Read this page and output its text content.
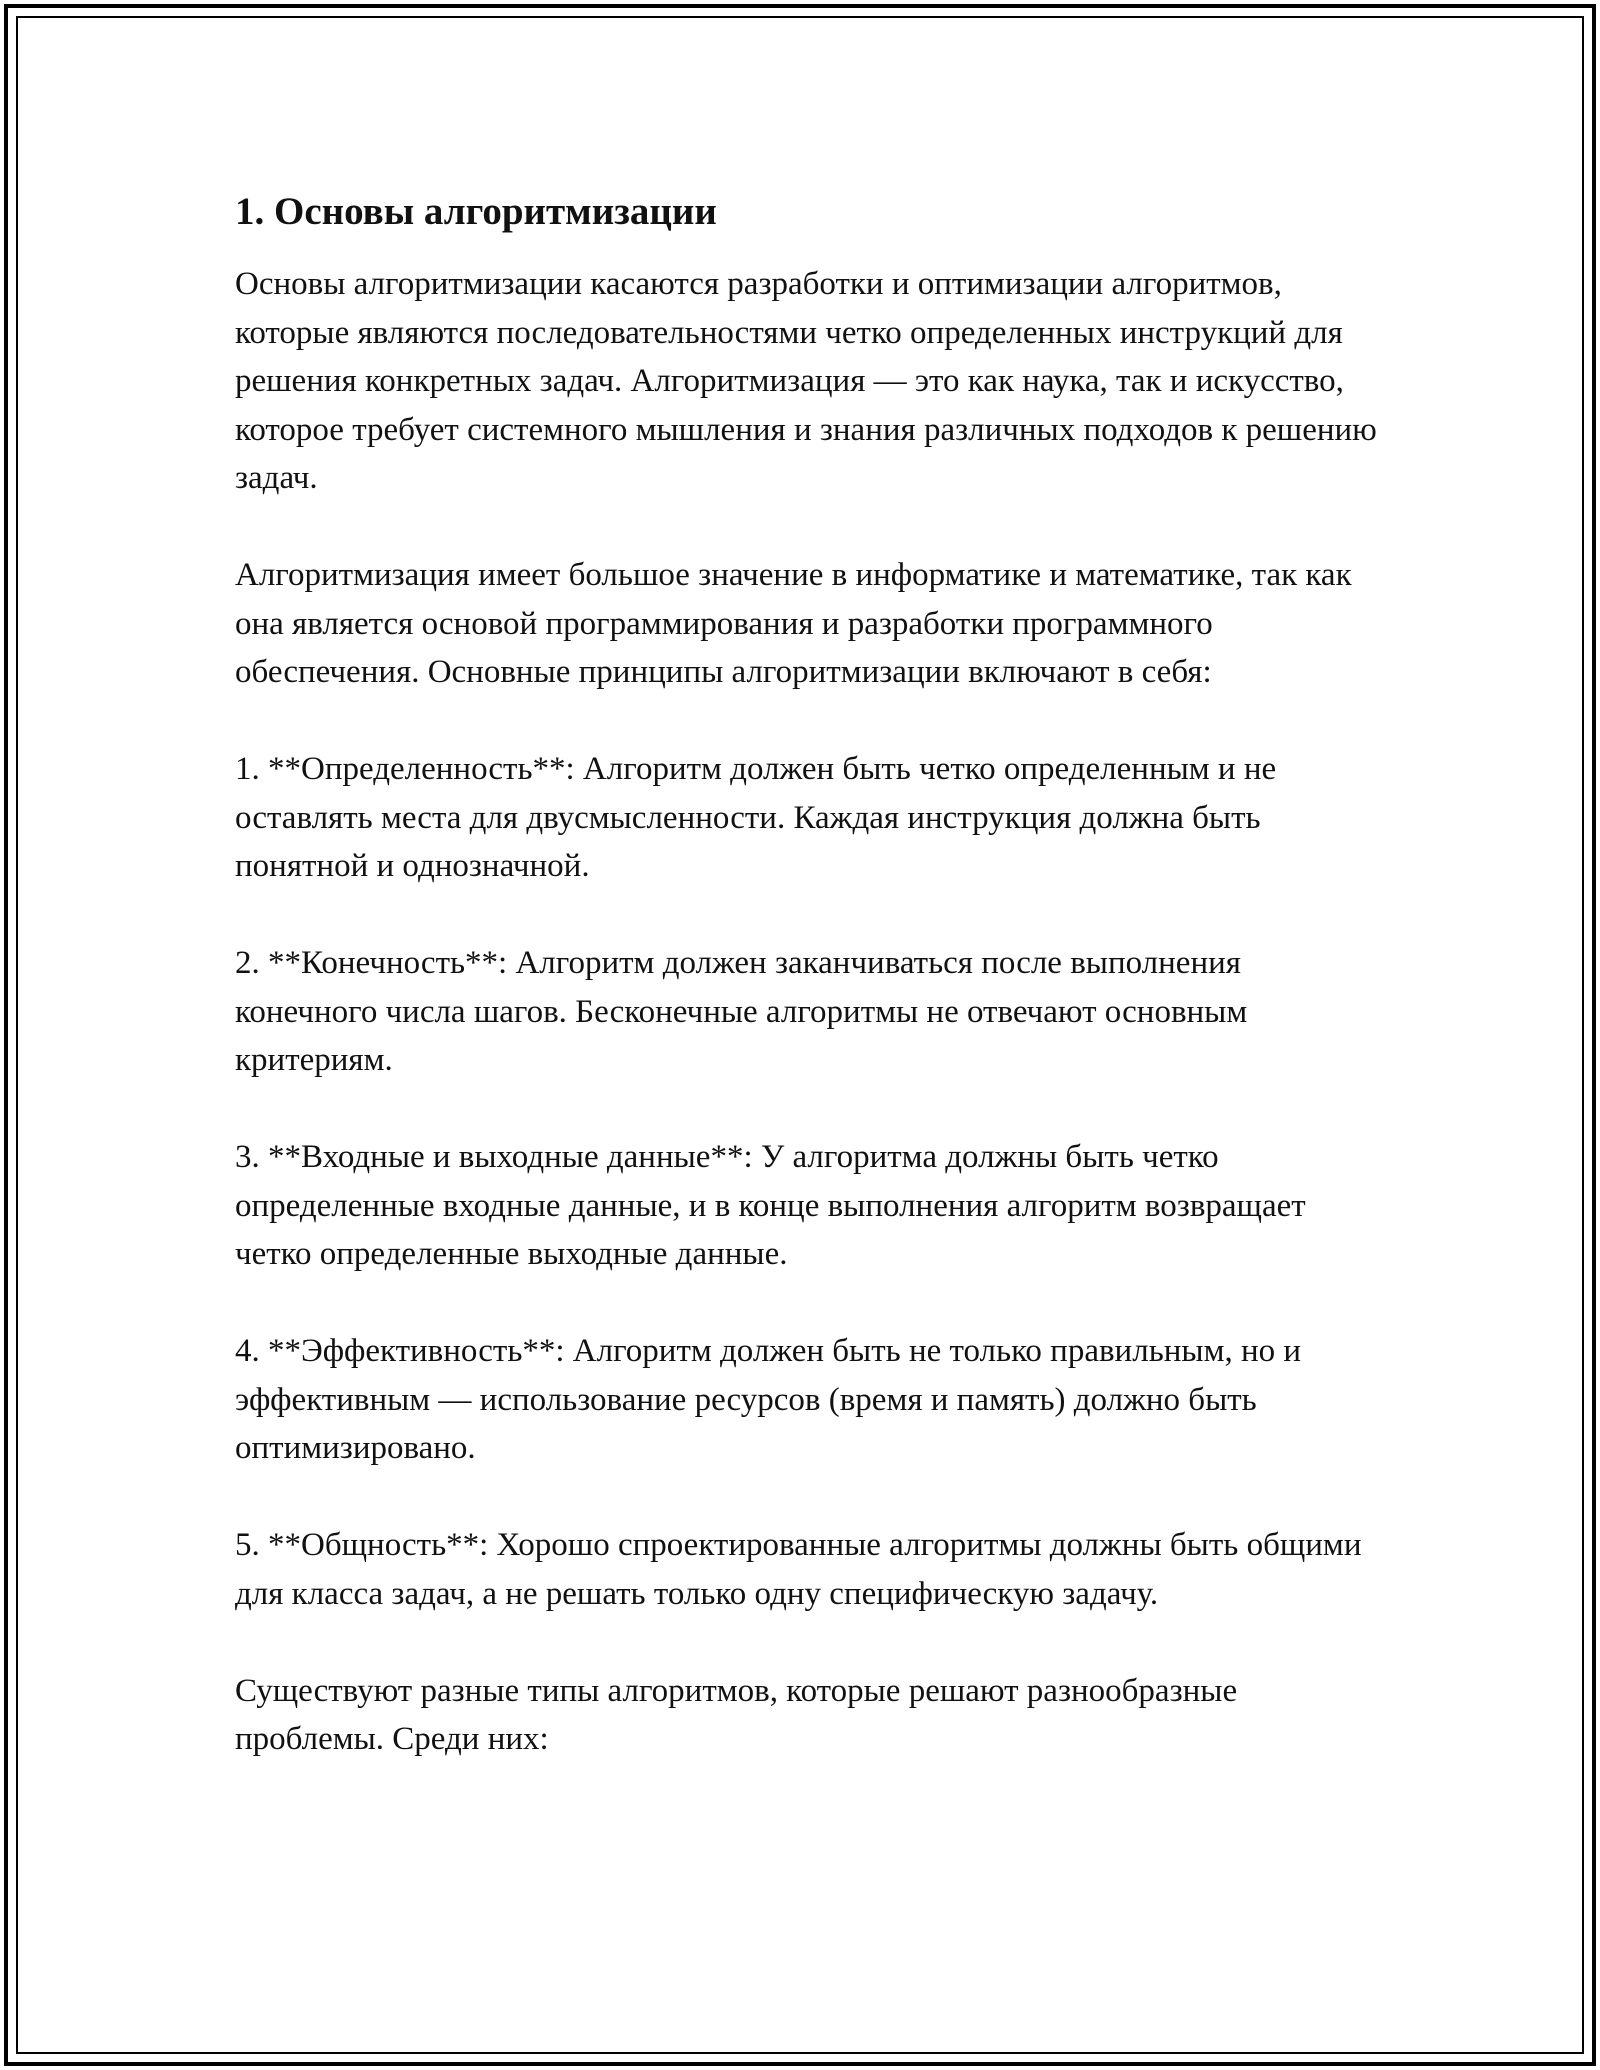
1. Основы алгоритмизации

Основы алгоритмизации касаются разработки и оптимизации алгоритмов, которые являются последовательностями четко определенных инструкций для решения конкретных задач. Алгоритмизация — это как наука, так и искусство, которое требует системного мышления и знания различных подходов к решению задач.

Алгоритмизация имеет большое значение в информатике и математике, так как она является основой программирования и разработки программного обеспечения. Основные принципы алгоритмизации включают в себя:

1. **Определенность**: Алгоритм должен быть четко определенным и не оставлять места для двусмысленности. Каждая инструкция должна быть понятной и однозначной.

2. **Конечность**: Алгоритм должен заканчиваться после выполнения конечного числа шагов. Бесконечные алгоритмы не отвечают основным критериям.

3. **Входные и выходные данные**: У алгоритма должны быть четко определенные входные данные, и в конце выполнения алгоритм возвращает четко определенные выходные данные.

4. **Эффективность**: Алгоритм должен быть не только правильным, но и эффективным — использование ресурсов (время и память) должно быть оптимизировано.

5. **Общность**: Хорошо спроектированные алгоритмы должны быть общими для класса задач, а не решать только одну специфическую задачу.

Существуют разные типы алгоритмов, которые решают разнообразные проблемы. Среди них:
